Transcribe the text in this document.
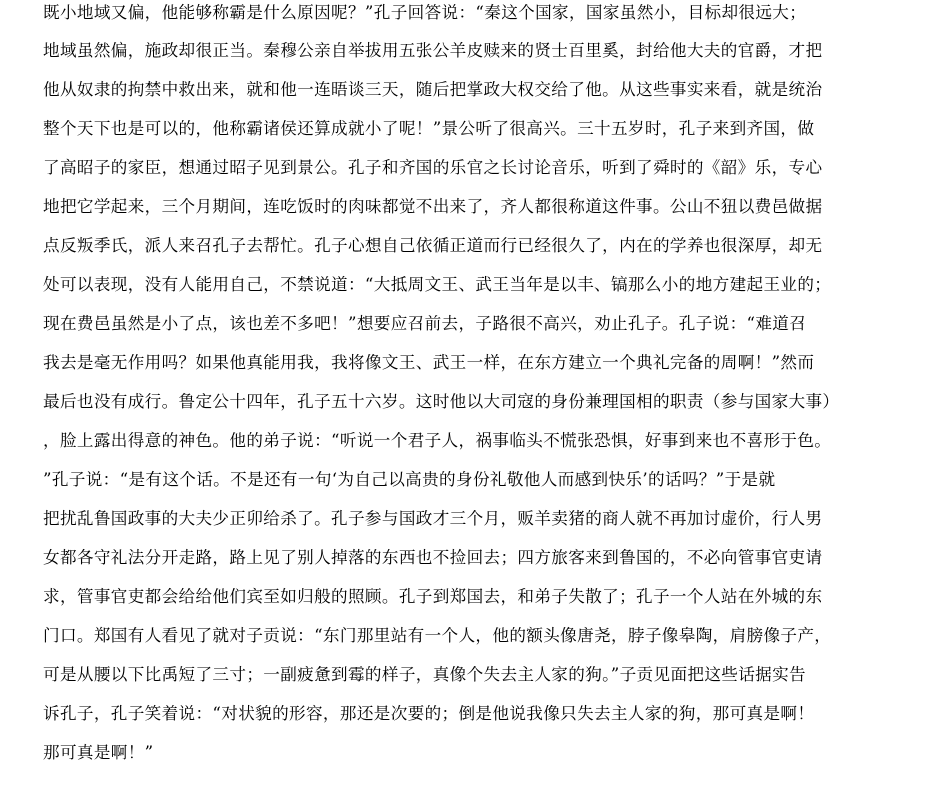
既小地域又偏，他能够称霸是什么原因呢？”孔子回答说：“秦这个国家，国家虽然小，目标却很远大；
地域虽然偏，施政却很正当。秦穆公亲自举拔用五张公羊皮赎来的贤士百里奚，封给他大夫的官爵，才把
他从奴隶的拘禁中救出来，就和他一连晤谈三天，随后把掌政大权交给了他。从这些事实来看，就是统治
整个天下也是可以的，他称霸诸侯还算成就小了呢！”景公听了很高兴。三十五岁时，孔子来到齐国，做
了高昭子的家臣，想通过昭子见到景公。孔子和齐国的乐官之长讨论音乐，听到了舜时的《韶》乐，专心
地把它学起来，三个月期间，连吃饭时的肉味都觉不出来了，齐人都很称道这件事。公山不狃以费邑做据
点反叛季氏，派人来召孔子去帮忙。孔子心想自己依循正道而行已经很久了，内在的学养也很深厚，却无
处可以表现，没有人能用自己，不禁说道：“大抵周文王、武王当年是以丰、镐那么小的地方建起王业的；
现在费邑虽然是小了点，该也差不多吧！”想要应召前去，子路很不高兴，劝止孔子。孔子说：“难道召
我去是毫无作用吗？如果他真能用我，我将像文王、武王一样，在东方建立一个典礼完备的周啊！”然而
最后也没有成行。鲁定公十四年，孔子五十六岁。这时他以大司寇的身份兼理国相的职责（参与国家大事）
，脸上露出得意的神色。他的弟子说：“听说一个君子人，祸事临头不慌张恐惧，好事到来也不喜形于色。
”孔子说：“是有这个话。不是还有一句‘为自己以高贵的身份礼敬他人而感到快乐’的话吗？”于是就
把扰乱鲁国政事的大夫少正卯给杀了。孔子参与国政才三个月，贩羊卖猪的商人就不再加讨虚价，行人男
女都各守礼法分开走路，路上见了别人掉落的东西也不捡回去；四方旅客来到鲁国的，不必向管事官吏请
求，管事官吏都会给给他们宾至如归般的照顾。孔子到郑国去，和弟子失散了；孔子一个人站在外城的东
门口。郑国有人看见了就对子贡说：“东门那里站有一个人，他的额头像唐尧，脖子像皋陶，肩膀像子产，
可是从腰以下比禹短了三寸；一副疲惫到霉的样子，真像个失去主人家的狗。”子贡见面把这些话据实告
诉孔子，孔子笑着说：“对状貌的形容，那还是次要的；倒是他说我像只失去主人家的狗，那可真是啊！
那可真是啊！”
